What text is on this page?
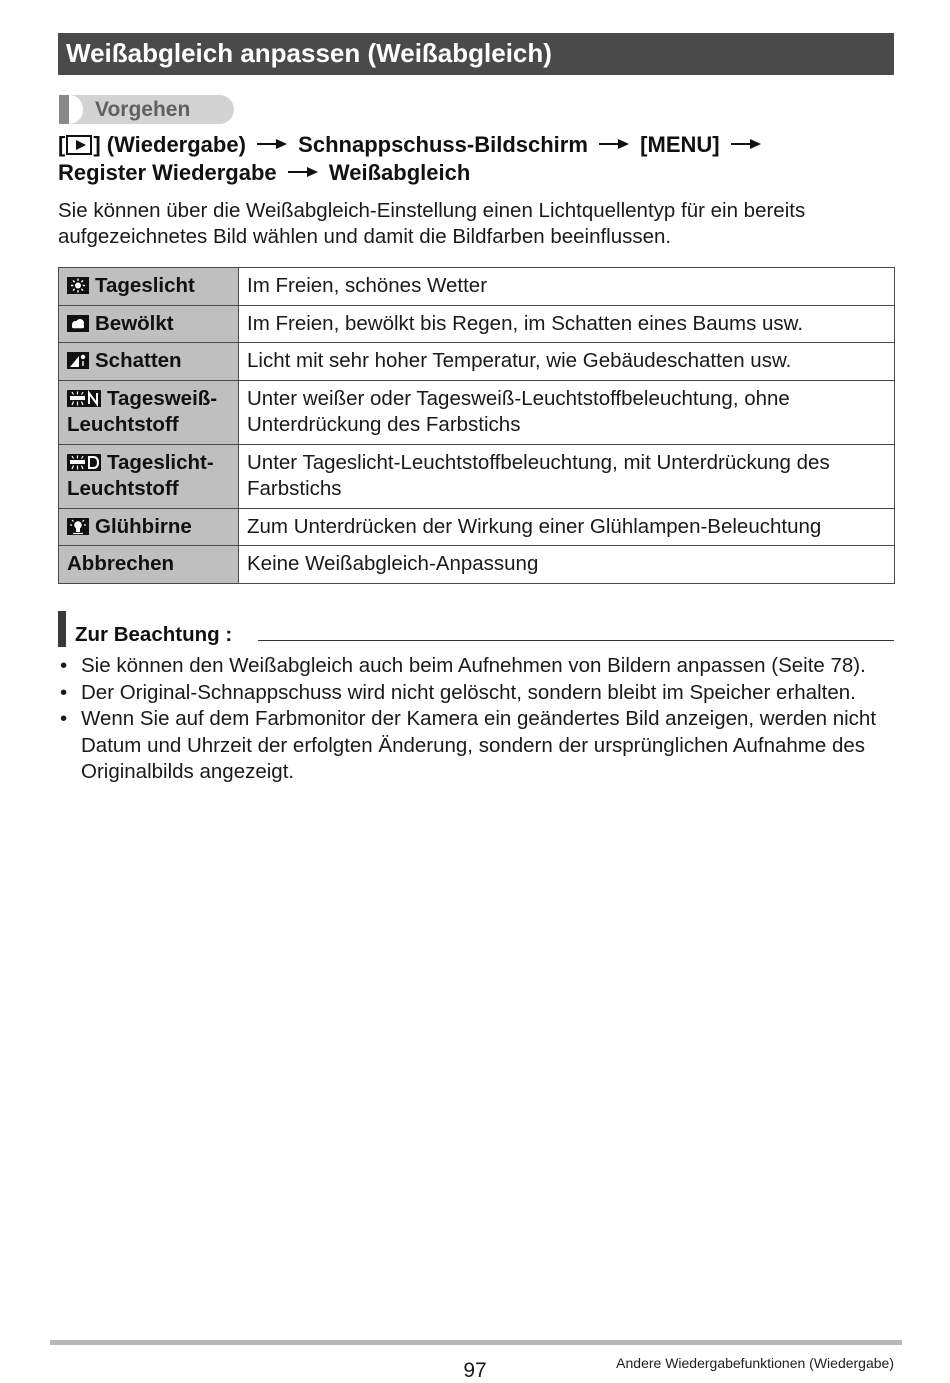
Weißabgleich anpassen (Weißabgleich)
Vorgehen
[ ] (Wiedergabe) Schnappschuss-Bildschirm [MENU]
Register Wiedergabe Weißabgleich
Sie können über die Weißabgleich-Einstellung einen Lichtquellentyp für ein bereits aufgezeichnetes Bild wählen und damit die Bildfarben beeinflussen.
Tageslicht	Im Freien, schönes Wetter
Bewölkt	Im Freien, bewölkt bis Regen, im Schatten eines Baums usw.
Schatten	Licht mit sehr hoher Temperatur, wie Gebäudeschatten usw.
Tagesweiß-
Leuchtstoff	Unter weißer oder Tagesweiß-Leuchtstoffbeleuchtung, ohne Unterdrückung des Farbstichs
Tageslicht-
Leuchtstoff	Unter Tageslicht-Leuchtstoffbeleuchtung, mit Unterdrückung des Farbstichs
Glühbirne	Zum Unterdrücken der Wirkung einer Glühlampen-Beleuchtung
Abbrechen	Keine Weißabgleich-Anpassung
Zur Beachtung :
• Sie können den Weißabgleich auch beim Aufnehmen von Bildern anpassen (Seite 78).
• Der Original-Schnappschuss wird nicht gelöscht, sondern bleibt im Speicher erhalten.
• Wenn Sie auf dem Farbmonitor der Kamera ein geändertes Bild anzeigen, werden nicht Datum und Uhrzeit der erfolgten Änderung, sondern der ursprünglichen Aufnahme des Originalbilds angezeigt.
97	Andere Wiedergabefunktionen (Wiedergabe)
